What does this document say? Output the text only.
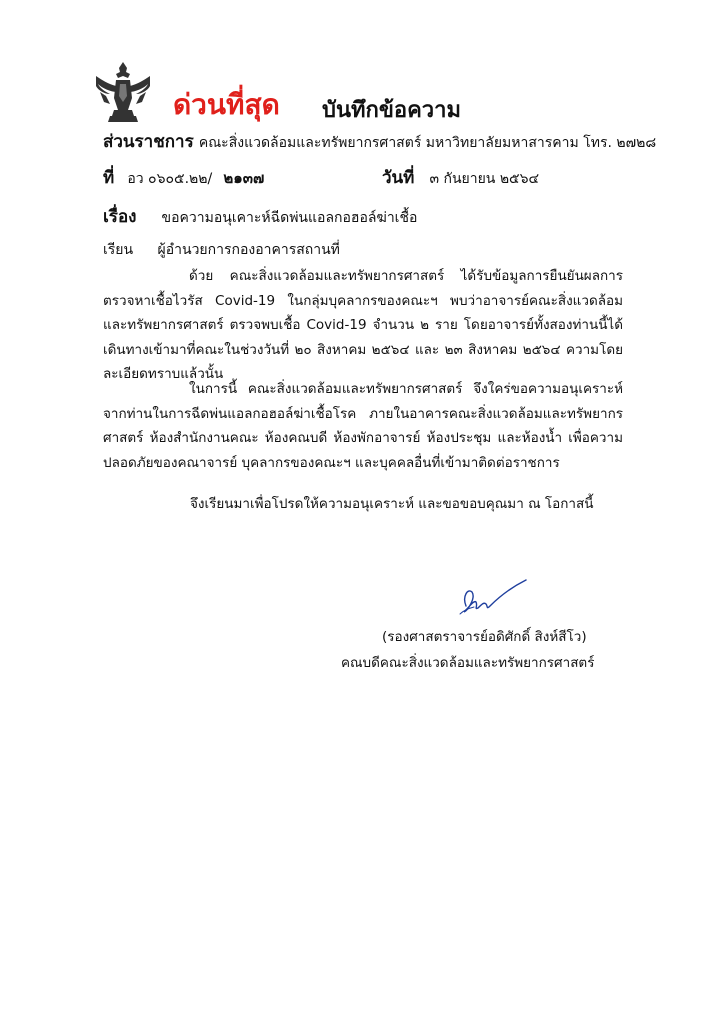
ด่วนที่สุด บันทึกข้อความ
ส่วนราชการ คณะสิ่งแวดล้อมและทรัพยากรศาสตร์ มหาวิทยาลัยมหาสารคาม โทร. ๒๗๒๘
ที่ อว ๐๖๐๕.๒๒/ ๒๑๓๗	วันที่ ๓ กันยายน ๒๕๖๔
เรื่อง ขอความอนุเคาะห์ฉีดพ่นแอลกอฮอล์ฆ่าเชื้อ
เรียน ผู้อำนวยการกองอาคารสถานที่

ด้วย คณะสิ่งแวดล้อมและทรัพยากรศาสตร์ ได้รับข้อมูลการยืนยันผลการตรวจหาเชื้อไวรัส Covid-19 ในกลุ่มบุคลากรของคณะฯ พบว่าอาจารย์คณะสิ่งแวดล้อมและทรัพยากรศาสตร์ ตรวจพบเชื้อ Covid-19 จำนวน ๒ ราย โดยอาจารย์ทั้งสองท่านนี้ได้เดินทางเข้ามาที่คณะในช่วงวันที่ ๒๐ สิงหาคม ๒๕๖๔ และ ๒๓ สิงหาคม ๒๕๖๔ ความโดยละเอียดทราบแล้วนั้น

ในการนี้ คณะสิ่งแวดล้อมและทรัพยากรศาสตร์ จึงใคร่ขอความอนุเคราะห์จากท่านในการฉีดพ่นแอลกอฮอล์ฆ่าเชื้อโรค ภายในอาคารคณะสิ่งแวดล้อมและทรัพยากรศาสตร์ ห้องสำนักงานคณะ ห้องคณบดี ห้องพักอาจารย์ ห้องประชุม และห้องน้ำ เพื่อความปลอดภัยของคณาจารย์ บุคลากรของคณะฯ และบุคคลอื่นที่เข้ามาติดต่อราชการ

จึงเรียนมาเพื่อโปรดให้ความอนุเคราะห์ และขอขอบคุณมา ณ โอกาสนี้
(รองศาสตราจารย์อดิศักดิ์ สิงห์สีโว)
คณบดีคณะสิ่งแวดล้อมและทรัพยากรศาสตร์
